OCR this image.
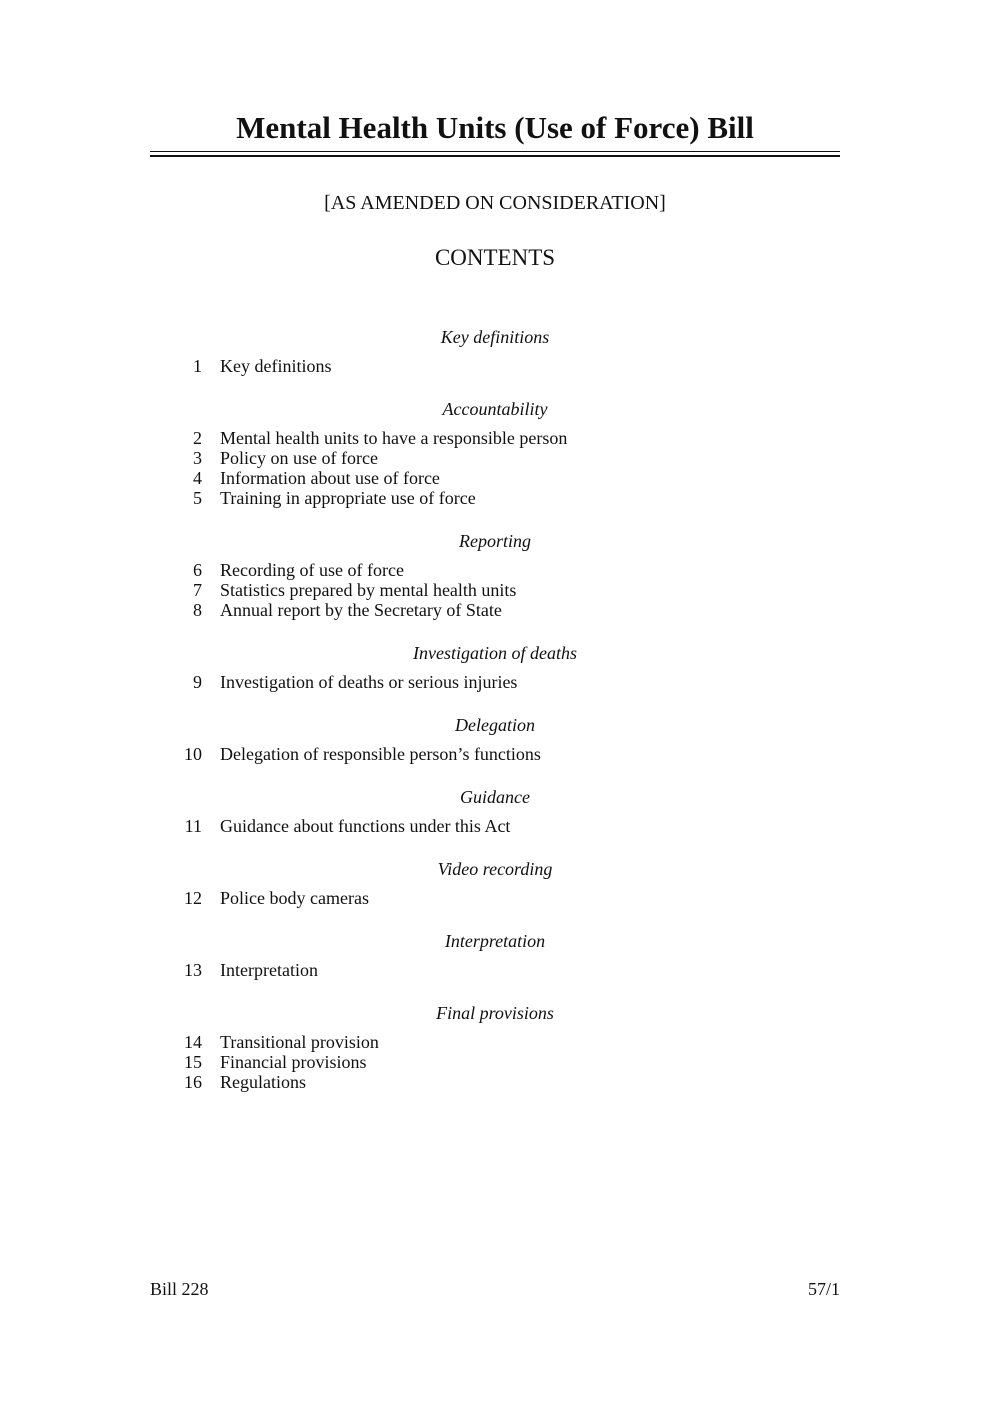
Mental Health Units (Use of Force) Bill
[AS AMENDED ON CONSIDERATION]
CONTENTS
Key definitions
1	Key definitions
Accountability
2	Mental health units to have a responsible person
3	Policy on use of force
4	Information about use of force
5	Training in appropriate use of force
Reporting
6	Recording of use of force
7	Statistics prepared by mental health units
8	Annual report by the Secretary of State
Investigation of deaths
9	Investigation of deaths or serious injuries
Delegation
10	Delegation of responsible person’s functions
Guidance
11	Guidance about functions under this Act
Video recording
12	Police body cameras
Interpretation
13	Interpretation
Final provisions
14	Transitional provision
15	Financial provisions
16	Regulations
Bill 228	57/1
